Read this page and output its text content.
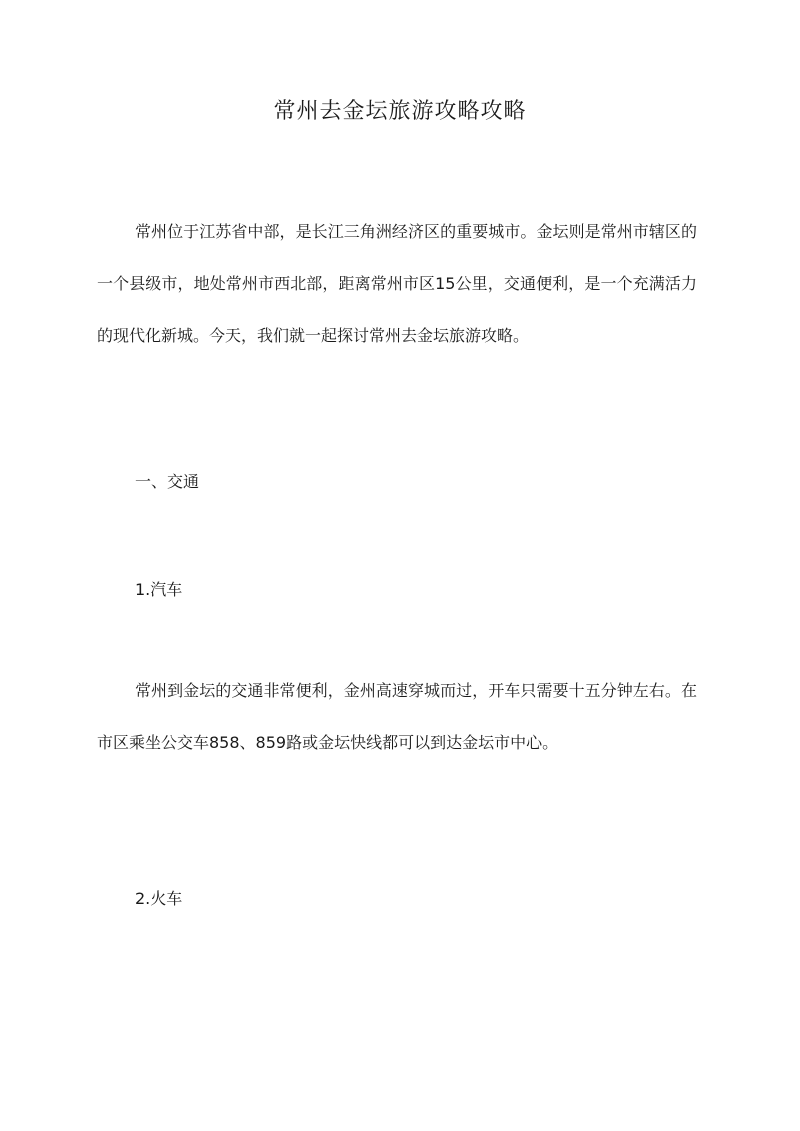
常州去金坛旅游攻略攻略

常州位于江苏省中部，是长江三角洲经济区的重要城市。金坛则是常州市辖区的一个县级市，地处常州市西北部，距离常州市区15公里，交通便利，是一个充满活力的现代化新城。今天，我们就一起探讨常州去金坛旅游攻略。

一、交通

1.汽车

常州到金坛的交通非常便利，金州高速穿城而过，开车只需要十五分钟左右。在市区乘坐公交车858、859路或金坛快线都可以到达金坛市中心。

2.火车
